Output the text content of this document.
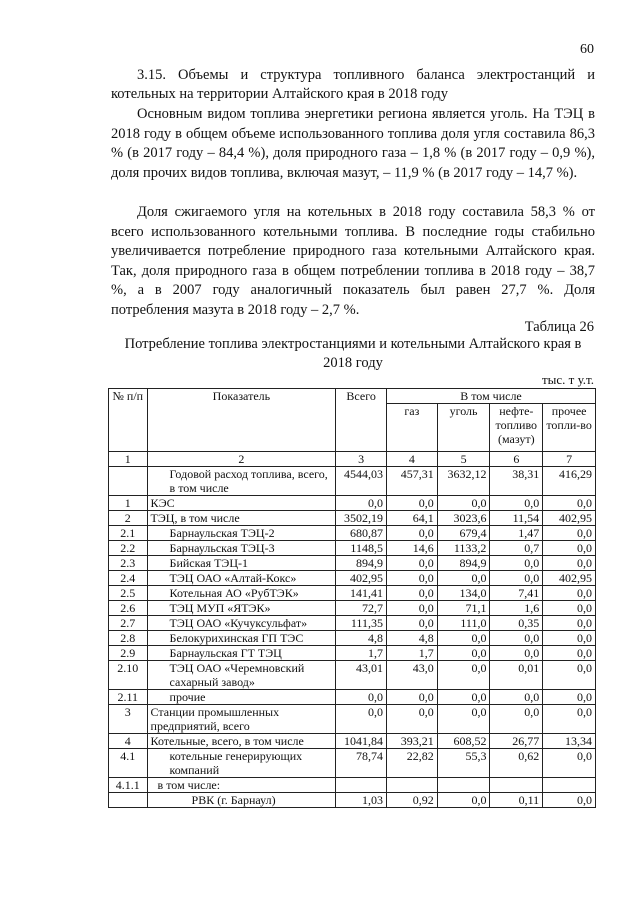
60
3.15. Объемы и структура топливного баланса электростанций и котельных на территории Алтайского края в 2018 году
Основным видом топлива энергетики региона является уголь. На ТЭЦ в 2018 году в общем объеме использованного топлива доля угля составила 86,3 % (в 2017 году – 84,4 %), доля природного газа – 1,8 % (в 2017 году – 0,9 %), доля прочих видов топлива, включая мазут, – 11,9 % (в 2017 году – 14,7 %).
Доля сжигаемого угля на котельных в 2018 году составила 58,3 % от всего использованного котельными топлива. В последние годы стабильно увеличивается потребление природного газа котельными Алтайского края. Так, доля природного газа в общем потреблении топлива в 2018 году – 38,7 %, а в 2007 году аналогичный показатель был равен 27,7 %. Доля потребления мазута в 2018 году – 2,7 %.
Таблица 26
Потребление топлива электростанциями и котельными Алтайского края в 2018 году
тыс. т у.т.
№ п/п	Показатель	Всего	В том числе			
			газ	уголь	нефте-топливо (мазут)	прочее топли-во
1	2	3	4	5	6	7
	Годовой расход топлива, всего, в том числе	4544,03	457,31	3632,12	38,31	416,29
1	КЭС	0,0	0,0	0,0	0,0	0,0
2	ТЭЦ, в том числе	3502,19	64,1	3023,6	11,54	402,95
2.1	Барнаульская ТЭЦ-2	680,87	0,0	679,4	1,47	0,0
2.2	Барнаульская ТЭЦ-3	1148,5	14,6	1133,2	0,7	0,0
2.3	Бийская ТЭЦ-1	894,9	0,0	894,9	0,0	0,0
2.4	ТЭЦ ОАО «Алтай-Кокс»	402,95	0,0	0,0	0,0	402,95
2.5	Котельная АО «РубТЭК»	141,41	0,0	134,0	7,41	0,0
2.6	ТЭЦ МУП «ЯТЭК»	72,7	0,0	71,1	1,6	0,0
2.7	ТЭЦ ОАО «Кучуксульфат»	111,35	0,0	111,0	0,35	0,0
2.8	Белокурихинская ГП ТЭС	4,8	4,8	0,0	0,0	0,0
2.9	Барнаульская ГТ ТЭЦ	1,7	1,7	0,0	0,0	0,0
2.10	ТЭЦ ОАО «Черемновский сахарный завод»	43,01	43,0	0,0	0,01	0,0
2.11	прочие	0,0	0,0	0,0	0,0	0,0
3	Станции промышленных предприятий, всего	0,0	0,0	0,0	0,0	0,0
4	Котельные, всего, в том числе	1041,84	393,21	608,52	26,77	13,34
4.1	котельные генерирующих компаний	78,74	22,82	55,3	0,62	0,0
4.1.1	в том числе:					
	РВК (г. Барнаул)	1,03	0,92	0,0	0,11	0,0
